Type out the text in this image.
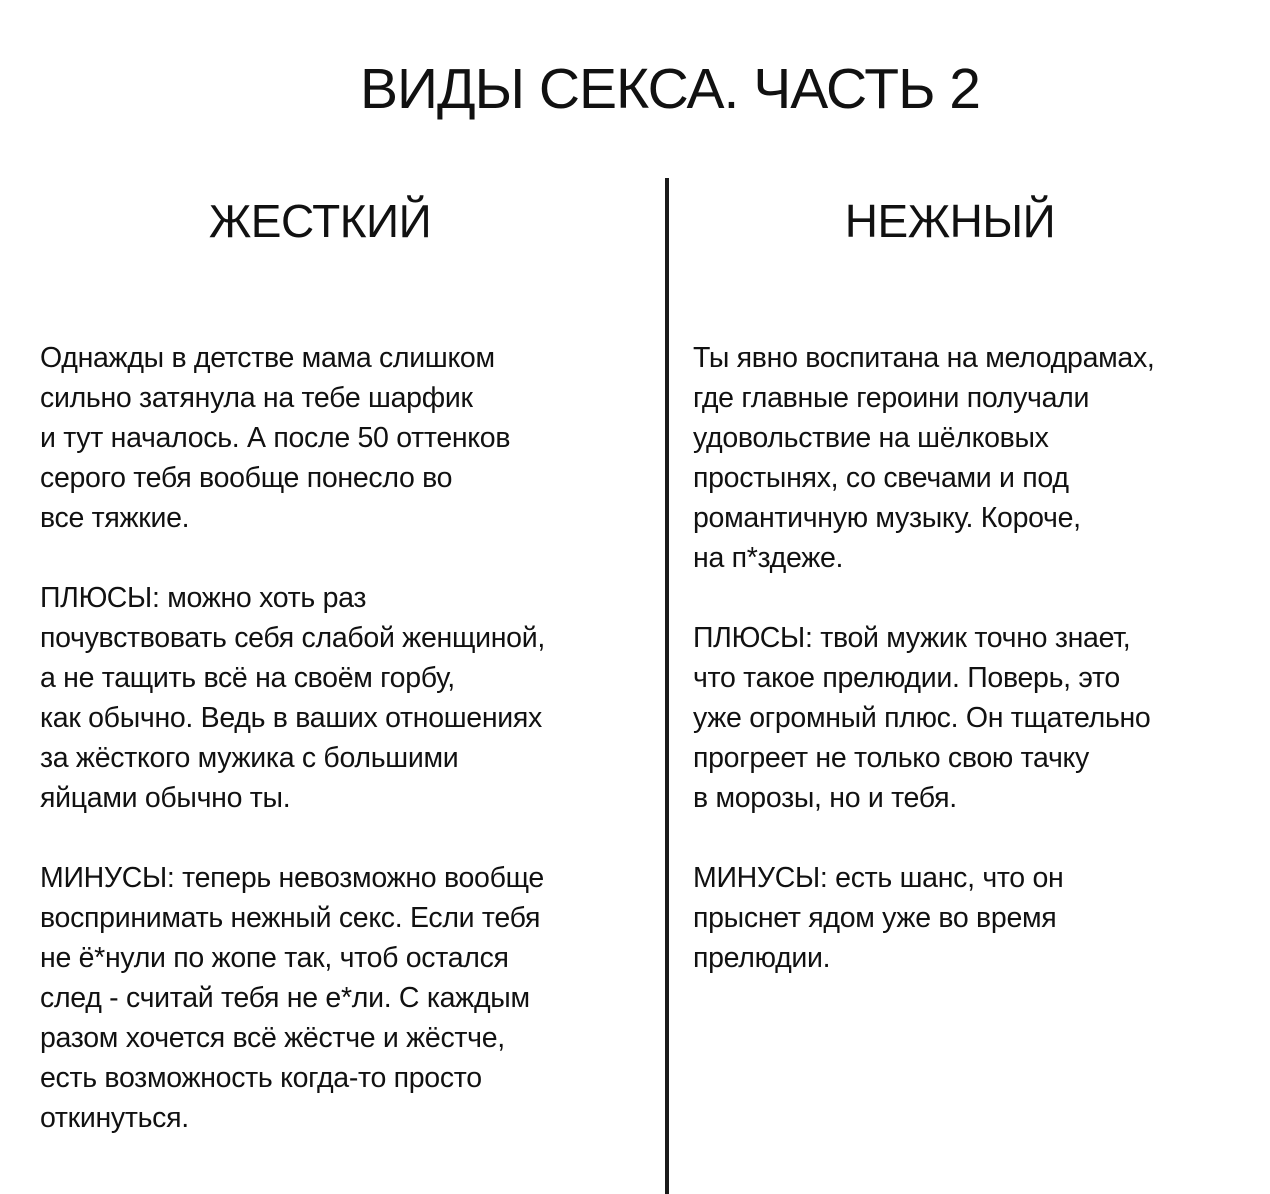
ВИДЫ СЕКСА. ЧАСТЬ 2
ЖЕСТКИЙ	НЕЖНЫЙ
Однажды в детстве мама слишком
сильно затянула на тебе шарфик
и тут началось. А после 50 оттенков
серого тебя вообще понесло во
все тяжкие.
ПЛЮСЫ: можно хоть раз
почувствовать себя слабой женщиной,
а не тащить всё на своём горбу,
как обычно. Ведь в ваших отношениях
за жёсткого мужика с большими
яйцами обычно ты.
МИНУСЫ: теперь невозможно вообще
воспринимать нежный секс. Если тебя
не ё*нули по жопе так, чтоб остался
след - считай тебя не е*ли. С каждым
разом хочется всё жёстче и жёстче,
есть возможность когда-то просто
откинуться.
Ты явно воспитана на мелодрамах,
где главные героини получали
удовольствие на шёлковых
простынях, со свечами и под
романтичную музыку. Короче,
на п*здеже.
ПЛЮСЫ: твой мужик точно знает,
что такое прелюдии. Поверь, это
уже огромный плюс. Он тщательно
прогреет не только свою тачку
в морозы, но и тебя.
МИНУСЫ: есть шанс, что он
прыснет ядом уже во время
прелюдии.
